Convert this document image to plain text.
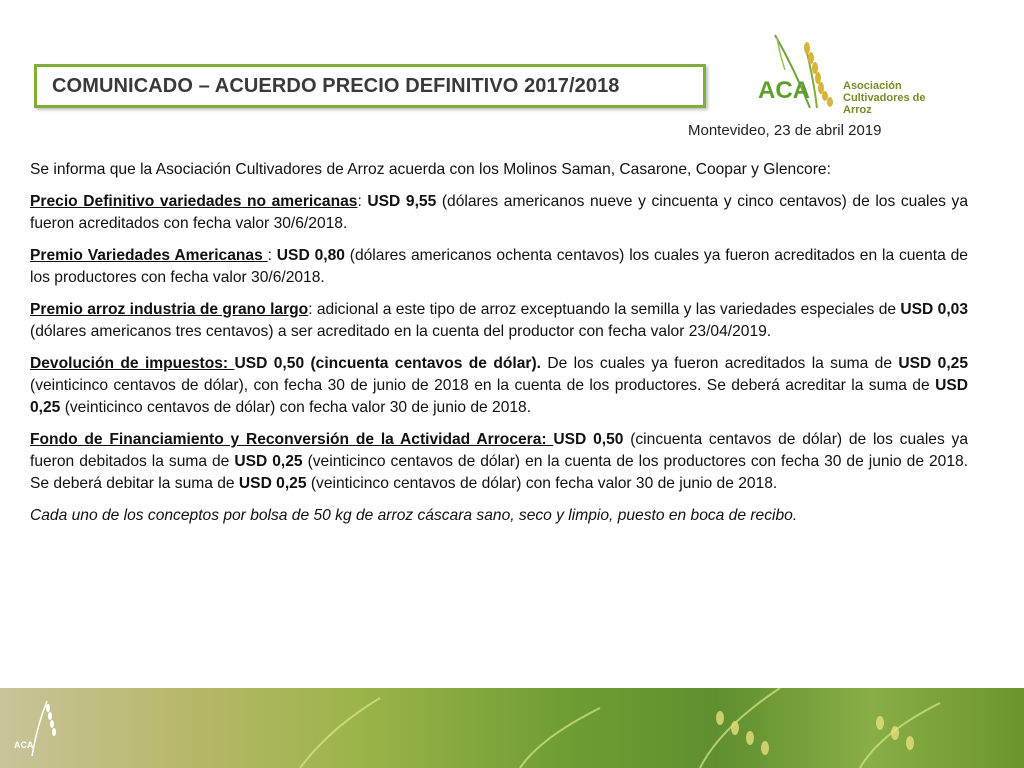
COMUNICADO – ACUERDO PRECIO DEFINITIVO 2017/2018	ACA	Asociación
Cultivadores de Arroz
Montevideo, 23 de abril 2019

Se informa que la Asociación Cultivadores de Arroz acuerda con los Molinos Saman, Casarone, Coopar y Glencore:

Precio Definitivo variedades no americanas: USD 9,55 (dólares americanos nueve y cincuenta y cinco centavos) de los cuales ya fueron acreditados con fecha valor 30/6/2018.

Premio Variedades Americanas : USD 0,80 (dólares americanos ochenta centavos) los cuales ya fueron acreditados en la cuenta de los productores con fecha valor 30/6/2018.

Premio arroz industria de grano largo: adicional a este tipo de arroz exceptuando la semilla y las variedades especiales de USD 0,03 (dólares americanos tres centavos) a ser acreditado en la cuenta del productor con fecha valor 23/04/2019.

Devolución de impuestos: USD 0,50 (cincuenta centavos de dólar). De los cuales ya fueron acreditados la suma de USD 0,25 (veinticinco centavos de dólar), con fecha 30 de junio de 2018 en la cuenta de los productores. Se deberá acreditar la suma de USD 0,25 (veinticinco centavos de dólar) con fecha valor 30 de junio de 2018.

Fondo de Financiamiento y Reconversión de la Actividad Arrocera: USD 0,50 (cincuenta centavos de dólar) de los cuales ya fueron debitados la suma de USD 0,25 (veinticinco centavos de dólar) en la cuenta de los productores con fecha 30 de junio de 2018. Se deberá debitar la suma de USD 0,25 (veinticinco centavos de dólar) con fecha valor 30 de junio de 2018.

Cada uno de los conceptos por bolsa de 50 kg de arroz cáscara sano, seco y limpio, puesto en boca de recibo.

ACA
